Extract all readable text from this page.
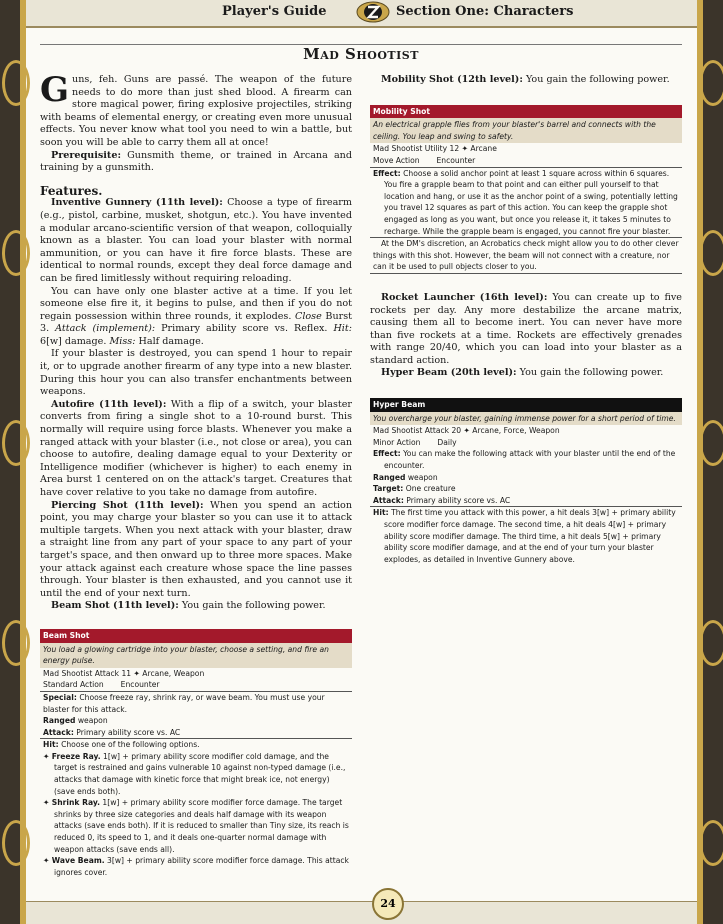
Player's Guide	Section One: Characters
Mad Shootist

Guns, feh. Guns are passé. The weapon of the future needs to do more than just shed blood. A firearm can store magical power, firing explosive projectiles, striking with beams of elemental energy, or creating even more unusual effects. You never know what tool you need to win a battle, but soon you will be able to carry them all at once!

Prerequisite: Gunsmith theme, or trained in Arcana and training by a gunsmith.

Features.

Inventive Gunnery (11th level): Choose a type of firearm (e.g., pistol, carbine, musket, shotgun, etc.). You have invented a modular arcano-scientific version of that weapon, colloquially known as a blaster. You can load your blaster with normal ammunition, or you can have it fire force blasts. These are identical to normal rounds, except they deal force damage and can be fired limitlessly without requiring reloading.

You can have only one blaster active at a time. If you let someone else fire it, it begins to pulse, and then if you do not regain possession within three rounds, it explodes. Close Burst 3. Attack (implement): Primary ability score vs. Reflex. Hit: 6[w] damage. Miss: Half damage.

If your blaster is destroyed, you can spend 1 hour to repair it, or to upgrade another firearm of any type into a new blaster. During this hour you can also transfer enchantments between weapons.

Autofire (11th level): With a flip of a switch, your blaster converts from firing a single shot to a 10-round burst. This normally will require using force blasts. Whenever you make a ranged attack with your blaster (i.e., not close or area), you can choose to autofire, dealing damage equal to your Dexterity or Intelligence modifier (whichever is higher) to each enemy in Area burst 1 centered on on the attack's target. Creatures that have cover relative to you take no damage from autofire.

Piercing Shot (11th level): When you spend an action point, you may charge your blaster so you can use it to attack multiple targets. When you next attack with your blaster, draw a straight line from any part of your space to any part of your target's space, and then onward up to three more spaces. Make your attack against each creature whose space the line passes through. Your blaster is then exhausted, and you cannot use it until the end of your next turn.

Beam Shot (11th level): You gain the following power.

Beam Shot
You load a glowing cartridge into your blaster, choose a setting, and fire an energy pulse.
Mad Shootist Attack 11 ✦ Arcane, Weapon
Standard Action Encounter
Special: Choose freeze ray, shrink ray, or wave beam. You must use your blaster for this attack.
Ranged weapon
Attack: Primary ability score vs. AC
Hit: Choose one of the following options.
✦ Freeze Ray. 1[w] + primary ability score modifier cold damage, and the target is restrained and gains vulnerable 10 against non-typed damage (i.e., attacks that damage with kinetic force that might break ice, not energy) (save ends both).
✦ Shrink Ray. 1[w] + primary ability score modifier force damage. The target shrinks by three size categories and deals half damage with its weapon attacks (save ends both). If it is reduced to smaller than Tiny size, its reach is reduced 0, its speed to 1, and it deals one-quarter normal damage with weapon attacks (save ends all).
✦ Wave Beam. 3[w] + primary ability score modifier force damage. This attack ignores cover.

Mobility Shot (12th level): You gain the following power.

Mobility Shot
An electrical grapple flies from your blaster's barrel and connects with the ceiling. You leap and swing to safety.
Mad Shootist Utility 12 ✦ Arcane
Move Action Encounter
Effect: Choose a solid anchor point at least 1 square across within 6 squares. You fire a grapple beam to that point and can either pull yourself to that location and hang, or use it as the anchor point of a swing, potentially letting you travel 12 squares as part of this action. You can keep the grapple shot engaged as long as you want, but once you release it, it takes 5 minutes to recharge. While the grapple beam is engaged, you cannot fire your blaster.
At the DM's discretion, an Acrobatics check might allow you to do other clever things with this shot. However, the beam will not connect with a creature, nor can it be used to pull objects closer to you.

Rocket Launcher (16th level): You can create up to five rockets per day. Any more destabilize the arcane matrix, causing them all to become inert. You can never have more than five rockets at a time. Rockets are effectively grenades with range 20/40, which you can load into your blaster as a standard action.

Hyper Beam (20th level): You gain the following power.

Hyper Beam
You overcharge your blaster, gaining immense power for a short period of time.
Mad Shootist Attack 20 ✦ Arcane, Force, Weapon
Minor Action Daily
Effect: You can make the following attack with your blaster until the end of the encounter.
Ranged weapon
Target: One creature
Attack: Primary ability score vs. AC
Hit: The first time you attack with this power, a hit deals 3[w] + primary ability score modifier force damage. The second time, a hit deals 4[w] + primary ability score modifier damage. The third time, a hit deals 5[w] + primary ability score modifier damage, and at the end of your turn your blaster explodes, as detailed in Inventive Gunnery above.
24
